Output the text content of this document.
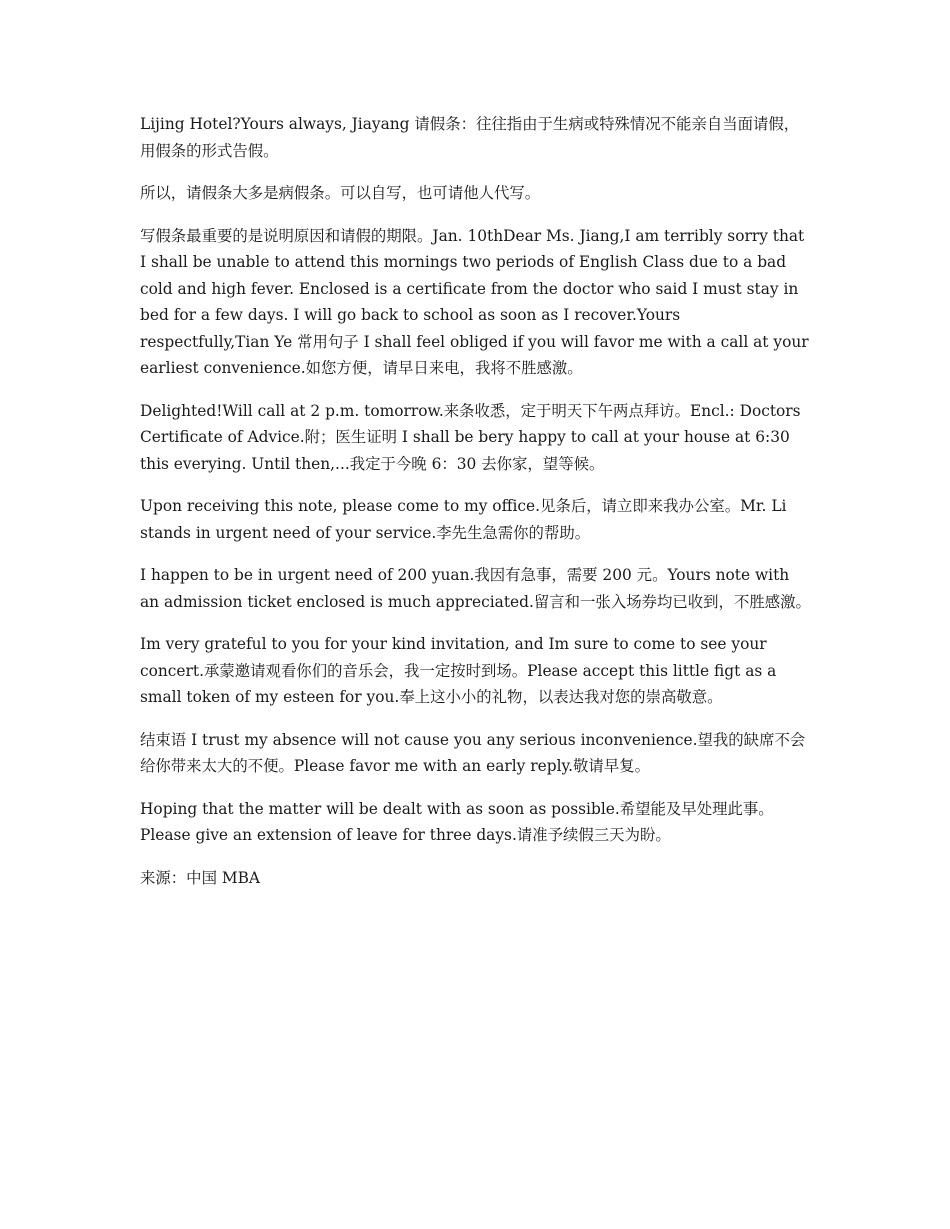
Lijing Hotel?Yours always, Jiayang 请假条：往往指由于生病或特殊情况不能亲自当面请假，用假条的形式告假。

所以，请假条大多是病假条。可以自写，也可请他人代写。

写假条最重要的是说明原因和请假的期限。Jan. 10thDear Ms. Jiang,I am terribly sorry that I shall be unable to attend this mornings two periods of English Class due to a bad cold and high fever. Enclosed is a certificate from the doctor who said I must stay in bed for a few days. I will go back to school as soon as I recover.Yours respectfully,Tian Ye 常用句子 I shall feel obliged if you will favor me with a call at your earliest convenience.如您方便，请早日来电，我将不胜感激。

Delighted!Will call at 2 p.m. tomorrow.来条收悉，定于明天下午两点拜访。Encl.: Doctors Certificate of Advice.附；医生证明 I shall be bery happy to call at your house at 6:30 this everying. Until then,...我定于今晚 6：30 去你家，望等候。

Upon receiving this note, please come to my office.见条后，请立即来我办公室。Mr. Li stands in urgent need of your service.李先生急需你的帮助。

I happen to be in urgent need of 200 yuan.我因有急事，需要 200 元。Yours note with an admission ticket enclosed is much appreciated.留言和一张入场券均已收到，不胜感激。

Im very grateful to you for your kind invitation, and Im sure to come to see your concert.承蒙邀请观看你们的音乐会，我一定按时到场。Please accept this little figt as a small token of my esteen for you.奉上这小小的礼物，以表达我对您的崇高敬意。

结束语 I trust my absence will not cause you any serious inconvenience.望我的缺席不会给你带来太大的不便。Please favor me with an early reply.敬请早复。

Hoping that the matter will be dealt with as soon as possible.希望能及早处理此事。Please give an extension of leave for three days.请准予续假三天为盼。

来源：中国 MBA
